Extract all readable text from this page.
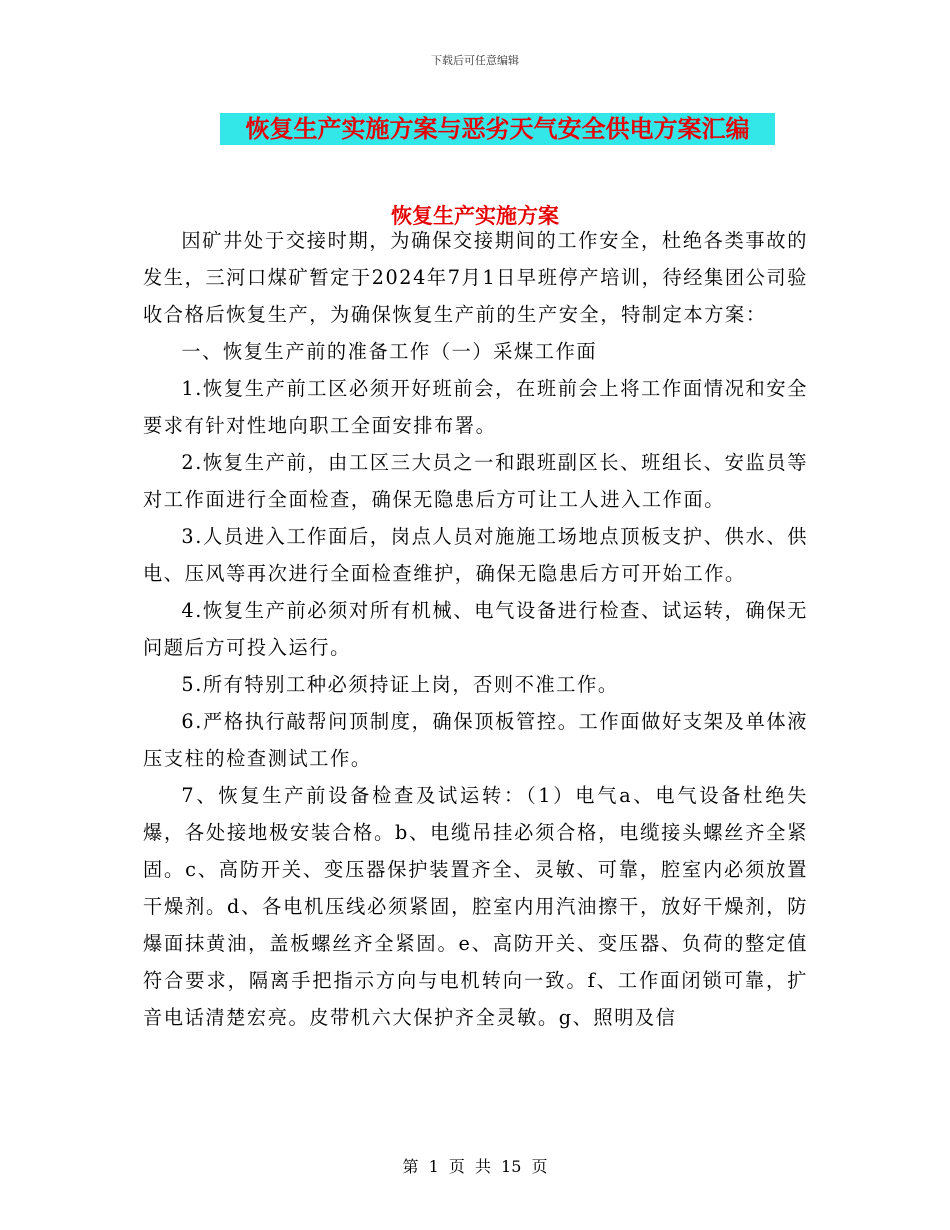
下载后可任意编辑
恢复生产实施方案与恶劣天气安全供电方案汇编
恢复生产实施方案

因矿井处于交接时期，为确保交接期间的工作安全，杜绝各类事故的发生，三河口煤矿暂定于2024年7月1日早班停产培训，待经集团公司验收合格后恢复生产，为确保恢复生产前的生产安全，特制定本方案：

一、恢复生产前的准备工作（一）采煤工作面

1.恢复生产前工区必须开好班前会，在班前会上将工作面情况和安全要求有针对性地向职工全面安排布署。

2.恢复生产前，由工区三大员之一和跟班副区长、班组长、安监员等对工作面进行全面检查，确保无隐患后方可让工人进入工作面。

3.人员进入工作面后，岗点人员对施施工场地点顶板支护、供水、供电、压风等再次进行全面检查维护，确保无隐患后方可开始工作。

4.恢复生产前必须对所有机械、电气设备进行检查、试运转，确保无问题后方可投入运行。

5.所有特别工种必须持证上岗，否则不准工作。

6.严格执行敲帮问顶制度，确保顶板管控。工作面做好支架及单体液压支柱的检查测试工作。

7、恢复生产前设备检查及试运转：（1）电气a、电气设备杜绝失爆，各处接地极安装合格。b、电缆吊挂必须合格，电缆接头螺丝齐全紧固。c、高防开关、变压器保护装置齐全、灵敏、可靠，腔室内必须放置干燥剂。d、各电机压线必须紧固，腔室内用汽油擦干，放好干燥剂，防爆面抹黄油，盖板螺丝齐全紧固。e、高防开关、变压器、负荷的整定值符合要求，隔离手把指示方向与电机转向一致。f、工作面闭锁可靠，扩音电话清楚宏亮。皮带机六大保护齐全灵敏。g、照明及信

第 1 页 共 15 页
